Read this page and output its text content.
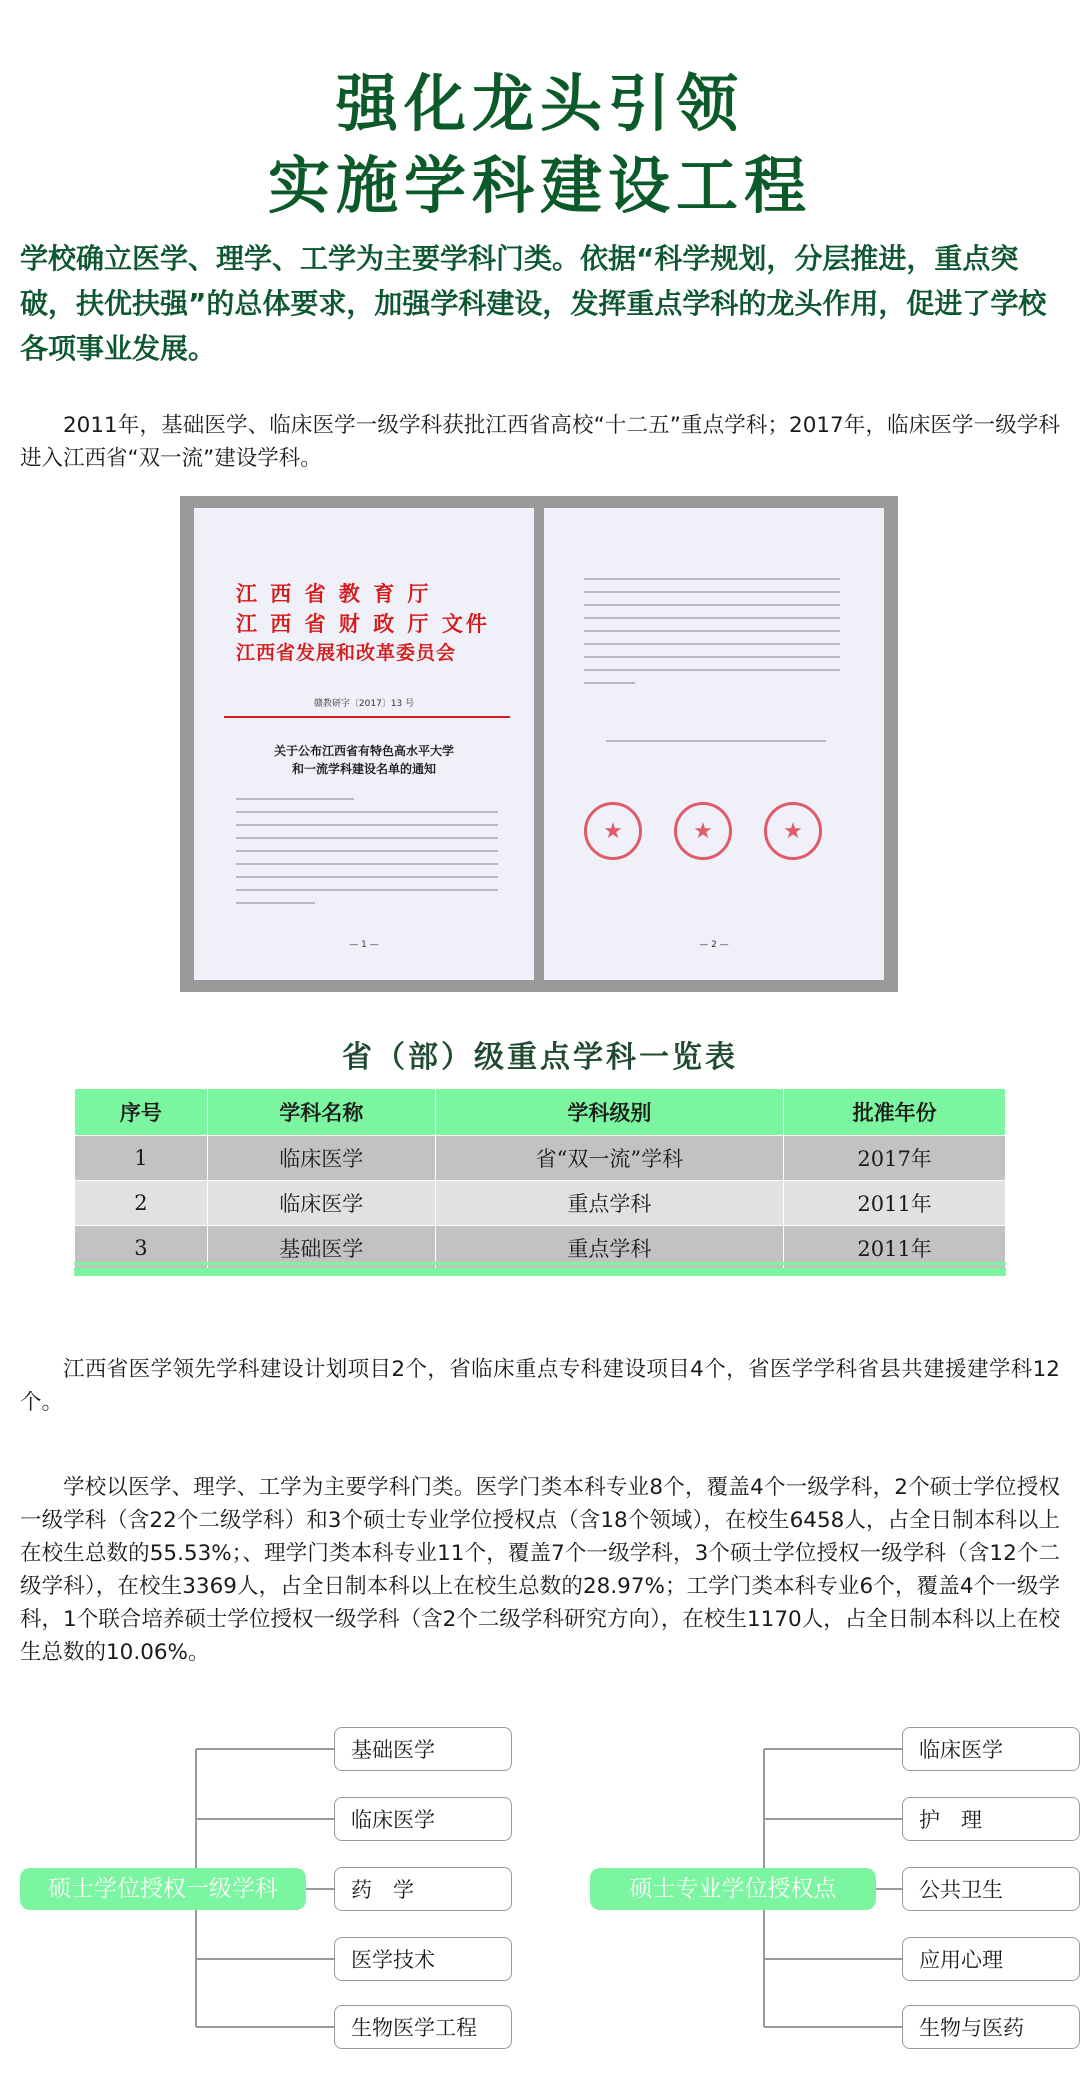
强化龙头引领
实施学科建设工程
学校确立医学、理学、工学为主要学科门类。依据“科学规划，分层推进，重点突破，扶优扶强”的总体要求，加强学科建设，发挥重点学科的龙头作用，促进了学校各项事业发展。
2011年，基础医学、临床医学一级学科获批江西省高校“十二五”重点学科；2017年，临床医学一级学科进入江西省“双一流”建设学科。
江 西 省 教 育 厅
江 西 省 财 政 厅 文件
江西省发展和改革委员会
赣教研字〔2017〕13 号
关于公布江西省有特色高水平大学
和一流学科建设名单的通知
— 1 —
★	★	★
— 2 —
省（部）级重点学科一览表
序号	学科名称	学科级别	批准年份
1	临床医学	省“双一流”学科	2017年
2	临床医学	重点学科	2011年
3	基础医学	重点学科	2011年
江西省医学领先学科建设计划项目2个，省临床重点专科建设项目4个，省医学学科省县共建援建学科12个。
学校以医学、理学、工学为主要学科门类。医学门类本科专业8个，覆盖4个一级学科，2个硕士学位授权一级学科（含22个二级学科）和3个硕士专业学位授权点（含18个领域），在校生6458人，占全日制本科以上在校生总数的55.53%；、理学门类本科专业11个，覆盖7个一级学科，3个硕士学位授权一级学科（含12个二级学科），在校生3369人，占全日制本科以上在校生总数的28.97%；工学门类本科专业6个，覆盖4个一级学科，1个联合培养硕士学位授权一级学科（含2个二级学科研究方向），在校生1170人，占全日制本科以上在校生总数的10.06%。
硕士学位授权一级学科
基础医学
临床医学
药　学
医学技术
生物医学工程
硕士专业学位授权点
临床医学
护　理
公共卫生
应用心理
生物与医药
